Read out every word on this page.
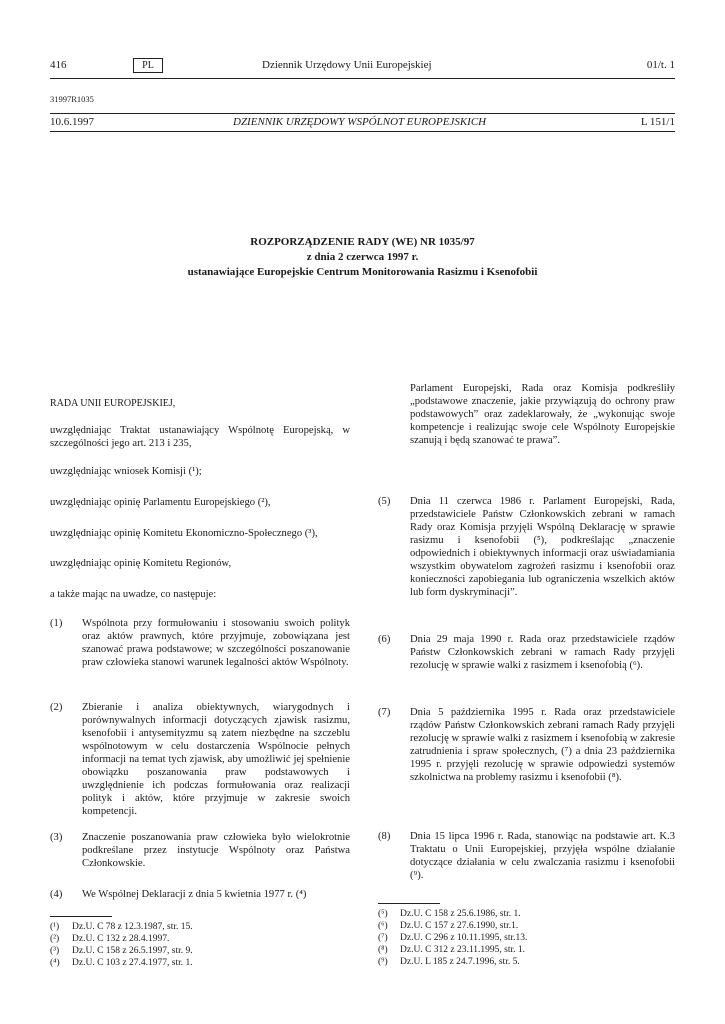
416	PL	Dziennik Urzędowy Unii Europejskiej	01/t. 1
31997R1035
10.6.1997	DZIENNIK URZĘDOWY WSPÓLNOT EUROPEJSKICH	L 151/1
ROZPORZĄDZENIE RADY (WE) NR 1035/97
z dnia 2 czerwca 1997 r.
ustanawiające Europejskie Centrum Monitorowania Rasizmu i Ksenofobii
RADA UNII EUROPEJSKIEJ,
uwzględniając Traktat ustanawiający Wspólnotę Europejską, w szczególności jego art. 213 i 235,
uwzględniając wniosek Komisji (¹);
uwzględniając opinię Parlamentu Europejskiego (²),
uwzględniając opinię Komitetu Ekonomiczno-Społecznego (³),
uwzględniając opinię Komitetu Regionów,
a także mając na uwadze, co następuje:
(1) Wspólnota przy formułowaniu i stosowaniu swoich polityk oraz aktów prawnych, które przyjmuje, zobowiązana jest szanować prawa podstawowe; w szczególności poszanowanie praw człowieka stanowi warunek legalności aktów Wspólnoty.
(2) Zbieranie i analiza obiektywnych, wiarygodnych i porównywalnych informacji dotyczących zjawisk rasizmu, ksenofobii i antysemityzmu są zatem niezbędne na szczeblu wspólnotowym w celu dostarczenia Wspólnocie pełnych informacji na temat tych zjawisk, aby umożliwić jej spełnienie obowiązku poszanowania praw podstawowych i uwzględnienie ich podczas formułowania oraz realizacji polityk i aktów, które przyjmuje w zakresie swoich kompetencji.
(3) Znaczenie poszanowania praw człowieka było wielokrotnie podkreślane przez instytucje Wspólnoty oraz Państwa Członkowskie.
(4) We Wspólnej Deklaracji z dnia 5 kwietnia 1977 r. (⁴)
(¹) Dz.U. C 78 z 12.3.1987, str. 15.
(²) Dz.U. C 132 z 28.4.1997.
(³) Dz.U. C 158 z 26.5.1997, str. 9.
(⁴) Dz.U. C 103 z 27.4.1977, str. 1.
Parlament Europejski, Rada oraz Komisja podkreśliły „podstawowe znaczenie, jakie przywiązują do ochrony praw podstawowych” oraz zadeklarowały, że „wykonując swoje kompetencje i realizując swoje cele Wspólnoty Europejskie szanują i będą szanować te prawa”.
(5) Dnia 11 czerwca 1986 r. Parlament Europejski, Rada, przedstawiciele Państw Członkowskich zebrani w ramach Rady oraz Komisja przyjęli Wspólną Deklarację w sprawie rasizmu i ksenofobii (⁵), podkreślając „znaczenie odpowiednich i obiektywnych informacji oraz uświadamiania wszystkim obywatelom zagrożeń rasizmu i ksenofobii oraz konieczności zapobiegania lub ograniczenia wszelkich aktów lub form dyskryminacji”.
(6) Dnia 29 maja 1990 r. Rada oraz przedstawiciele rządów Państw Członkowskich zebrani w ramach Rady przyjęli rezolucję w sprawie walki z rasizmem i ksenofobią (⁶).
(7) Dnia 5 października 1995 r. Rada oraz przedstawiciele rządów Państw Członkowskich zebrani ramach Rady przyjęli rezolucję w sprawie walki z rasizmem i ksenofobią w zakresie zatrudnienia i spraw społecznych, (⁷) a dnia 23 października 1995 r. przyjęli rezolucję w sprawie odpowiedzi systemów szkolnictwa na problemy rasizmu i ksenofobii (⁸).
(8) Dnia 15 lipca 1996 r. Rada, stanowiąc na podstawie art. K.3 Traktatu o Unii Europejskiej, przyjęła wspólne działanie dotyczące działania w celu zwalczania rasizmu i ksenofobii (⁹).
(⁵) Dz.U. C 158 z 25.6.1986, str. 1.
(⁶) Dz.U. C 157 z 27.6.1990, str.1.
(⁷) Dz.U. C 296 z 10.11.1995, str.13.
(⁸) Dz.U. C 312 z 23.11.1995, str. 1.
(⁹) Dz.U. L 185 z 24.7.1996, str. 5.
